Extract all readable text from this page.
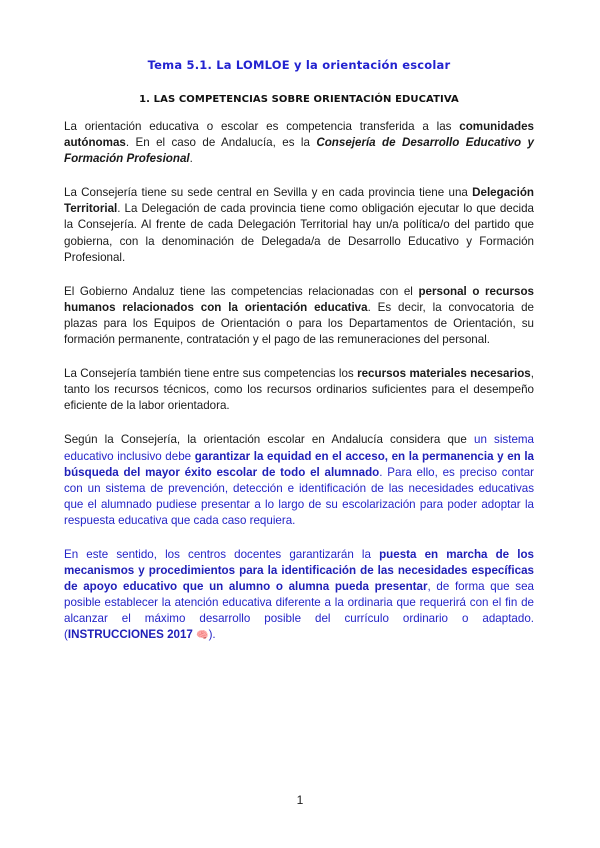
Tema 5.1. La LOMLOE y la orientación escolar
1. LAS COMPETENCIAS SOBRE ORIENTACIÓN EDUCATIVA

La orientación educativa o escolar es competencia transferida a las comunidades autónomas. En el caso de Andalucía, es la Consejería de Desarrollo Educativo y Formación Profesional.

La Consejería tiene su sede central en Sevilla y en cada provincia tiene una Delegación Territorial. La Delegación de cada provincia tiene como obligación ejecutar lo que decida la Consejería. Al frente de cada Delegación Territorial hay un/a política/o del partido que gobierna, con la denominación de Delegada/a de Desarrollo Educativo y Formación Profesional.

El Gobierno Andaluz tiene las competencias relacionadas con el personal o recursos humanos relacionados con la orientación educativa. Es decir, la convocatoria de plazas para los Equipos de Orientación o para los Departamentos de Orientación, su formación permanente, contratación y el pago de las remuneraciones del personal.

La Consejería también tiene entre sus competencias los recursos materiales necesarios, tanto los recursos técnicos, como los recursos ordinarios suficientes para el desempeño eficiente de la labor orientadora.

Según la Consejería, la orientación escolar en Andalucía considera que un sistema educativo inclusivo debe garantizar la equidad en el acceso, en la permanencia y en la búsqueda del mayor éxito escolar de todo el alumnado. Para ello, es preciso contar con un sistema de prevención, detección e identificación de las necesidades educativas que el alumnado pudiese presentar a lo largo de su escolarización para poder adoptar la respuesta educativa que cada caso requiera.

En este sentido, los centros docentes garantizarán la puesta en marcha de los mecanismos y procedimientos para la identificación de las necesidades específicas de apoyo educativo que un alumno o alumna pueda presentar, de forma que sea posible establecer la atención educativa diferente a la ordinaria que requerirá con el fin de alcanzar el máximo desarrollo posible del currículo ordinario o adaptado. (INSTRUCCIONES 2017 🧠).

1
